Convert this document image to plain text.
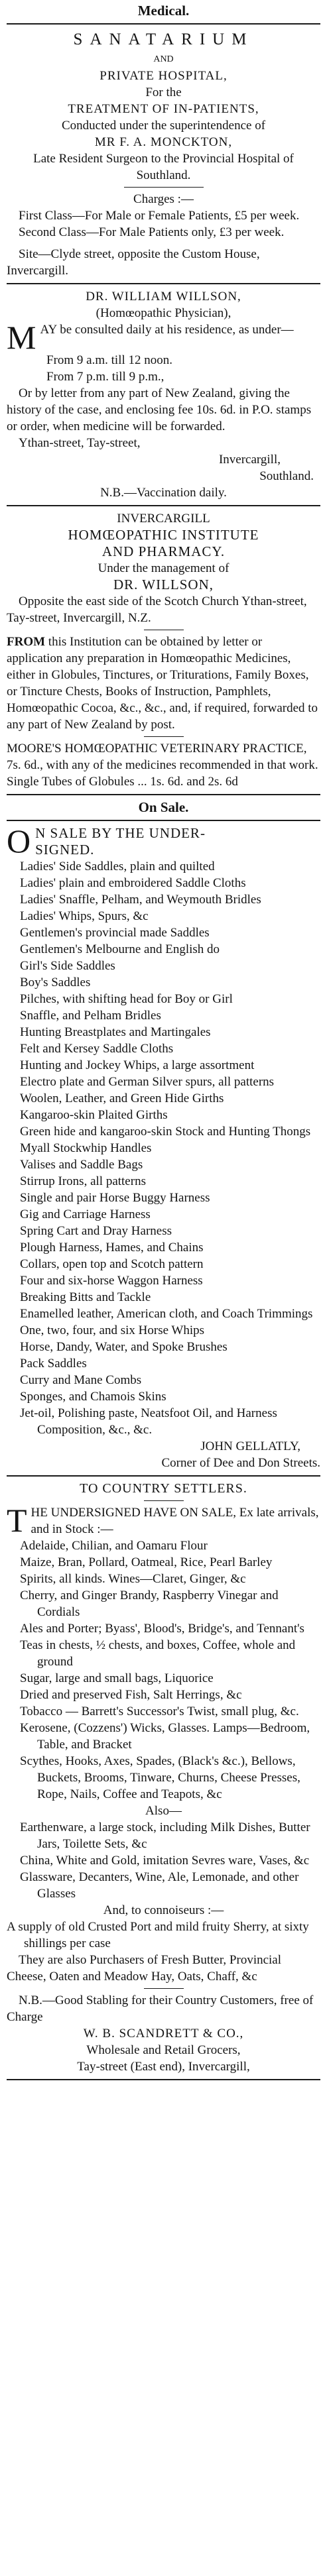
Medical.
SANATARIUM

AND

PRIVATE HOSPITAL,

For the

TREATMENT OF IN-PATIENTS,

Conducted under the superintendence of

MR F. A. MONCKTON,

Late Resident Surgeon to the Provincial Hospital of Southland.

Charges :—

First Class—For Male or Female Patients, £5 per week.

Second Class—For Male Patients only, £3 per week.

Site—Clyde street, opposite the Custom House, Invercargill.

DR. WILLIAM WILLSON,

(Homœopathic Physician),

MAY be consulted daily at his residence, as under—

From 9 a.m. till 12 noon.

From 7 p.m. till 9 p.m.,

Or by letter from any part of New Zealand, giving the history of the case, and enclosing fee 10s. 6d. in P.O. stamps or order, when medicine will be forwarded.

Ythan-street, Tay-street,

Invercargill,

Southland.

N.B.—Vaccination daily.

INVERCARGILL

HOMŒOPATHIC INSTITUTE

AND PHARMACY.

Under the management of

DR. WILLSON,

Opposite the east side of the Scotch Church Ythan-street, Tay-street, Invercargill, N.Z.

FROM this Institution can be obtained by letter or application any preparation in Homœopathic Medicines, either in Globules, Tinctures, or Triturations, Family Boxes, or Tincture Chests, Books of Instruction, Pamphlets, Homœopathic Cocoa, &c., &c., and, if required, forwarded to any part of New Zealand by post.

MOORE'S HOMŒOPATHIC VETERINARY PRACTICE, 7s. 6d., with any of the medicines recommended in that work.

Single Tubes of Globules ... 1s. 6d. and 2s. 6d

On Sale.

O N SALE BY THE UNDER-

SIGNED.

Ladies' Side Saddles, plain and quilted

Ladies' plain and embroidered Saddle Cloths

Ladies' Snaffle, Pelham, and Weymouth Bridles

Ladies' Whips, Spurs, &c

Gentlemen's provincial made Saddles

Gentlemen's Melbourne and English do

Girl's Side Saddles

Boy's Saddles

Pilches, with shifting head for Boy or Girl

Snaffle, and Pelham Bridles

Hunting Breastplates and Martingales

Felt and Kersey Saddle Cloths

Hunting and Jockey Whips, a large assortment

Electro plate and German Silver spurs, all patterns

Woolen, Leather, and Green Hide Girths

Kangaroo-skin Plaited Girths

Green hide and kangaroo-skin Stock and Hunting Thongs

Myall Stockwhip Handles

Valises and Saddle Bags

Stirrup Irons, all patterns

Single and pair Horse Buggy Harness

Gig and Carriage Harness

Spring Cart and Dray Harness

Plough Harness, Hames, and Chains

Collars, open top and Scotch pattern

Four and six-horse Waggon Harness

Breaking Bitts and Tackle

Enamelled leather, American cloth, and Coach Trimmings

One, two, four, and six Horse Whips

Horse, Dandy, Water, and Spoke Brushes

Pack Saddles

Curry and Mane Combs

Sponges, and Chamois Skins

Jet-oil, Polishing paste, Neatsfoot Oil, and Harness Composition, &c., &c.

JOHN GELLATLY,

Corner of Dee and Don Streets.

TO COUNTRY SETTLERS.

THE UNDERSIGNED HAVE ON SALE, Ex late arrivals, and in Stock :—

Adelaide, Chilian, and Oamaru Flour

Maize, Bran, Pollard, Oatmeal, Rice, Pearl Barley

Spirits, all kinds. Wines—Claret, Ginger, &c

Cherry, and Ginger Brandy, Raspberry Vinegar and Cordials

Ales and Porter; Byass', Blood's, Bridge's, and Tennant's

Teas in chests, ½ chests, and boxes, Coffee, whole and ground

Sugar, large and small bags, Liquorice

Dried and preserved Fish, Salt Herrings, &c

Tobacco — Barrett's Successor's Twist, small plug, &c.

Kerosene, (Cozzens') Wicks, Glasses. Lamps—Bedroom, Table, and Bracket

Scythes, Hooks, Axes, Spades, (Black's &c.), Bellows, Buckets, Brooms, Tinware, Churns, Cheese Presses, Rope, Nails, Coffee and Teapots, &c

Also—

Earthenware, a large stock, including Milk Dishes, Butter Jars, Toilette Sets, &c

China, White and Gold, imitation Sevres ware, Vases, &c

Glassware, Decanters, Wine, Ale, Lemonade, and other Glasses

And, to connoiseurs :—

A supply of old Crusted Port and mild fruity Sherry, at sixty shillings per case

They are also Purchasers of Fresh Butter, Provincial Cheese, Oaten and Meadow Hay, Oats, Chaff, &c

N.B.—Good Stabling for their Country Customers, free of Charge

W. B. SCANDRETT & CO.,

Wholesale and Retail Grocers,

Tay-street (East end), Invercargill,
